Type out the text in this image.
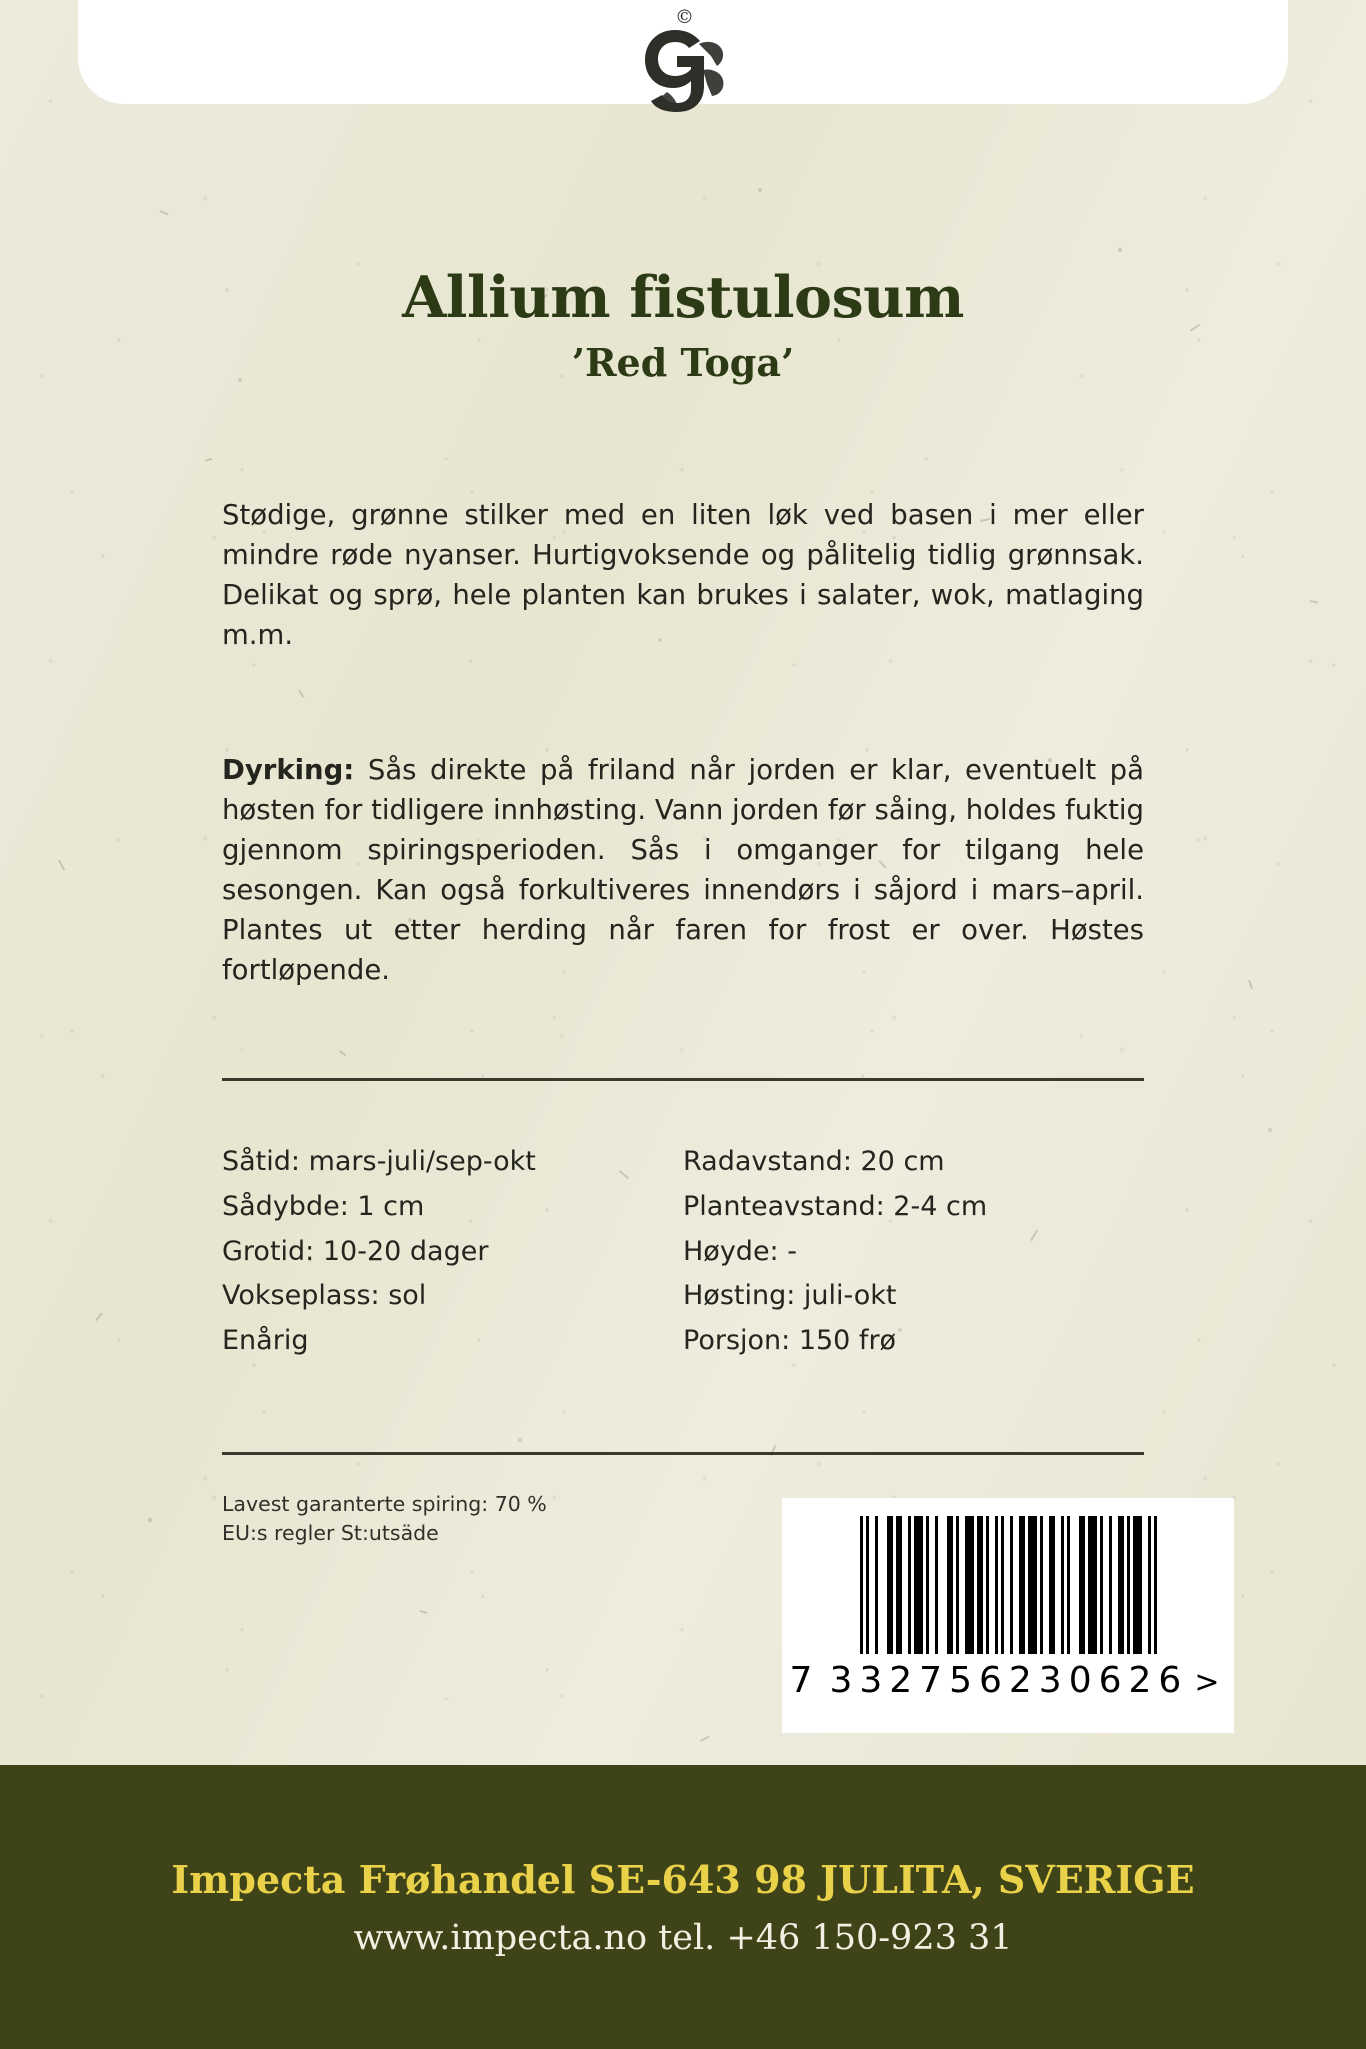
©
Allium fistulosum
’Red Toga’

Stødige, grønne stilker med en liten løk ved basen i mer eller mindre røde nyanser. Hurtigvoksende og pålitelig tidlig grønnsak. Delikat og sprø, hele planten kan brukes i salater, wok, matlaging m.m.

Dyrking: Sås direkte på friland når jorden er klar, eventuelt på høsten for tidligere innhøsting. Vann jorden før såing, holdes fuktig gjennom spiringsperioden. Sås i omganger for tilgang hele sesongen. Kan også forkultiveres innendørs i såjord i mars–april. Plantes ut etter herding når faren for frost er over. Høstes fortløpende.

Såtid: mars-juli/sep-okt
Sådybde: 1 cm
Grotid: 10-20 dager
Vokseplass: sol
Enårig
Radavstand: 20 cm
Planteavstand: 2-4 cm
Høyde: -
Høsting: juli-okt
Porsjon: 150 frø
Lavest garanterte spiring: 70 %
EU:s regler St:utsäde
7 332756230626 >
Impecta Frøhandel SE-643 98 JULITA, SVERIGE
www.impecta.no tel. +46 150-923 31
